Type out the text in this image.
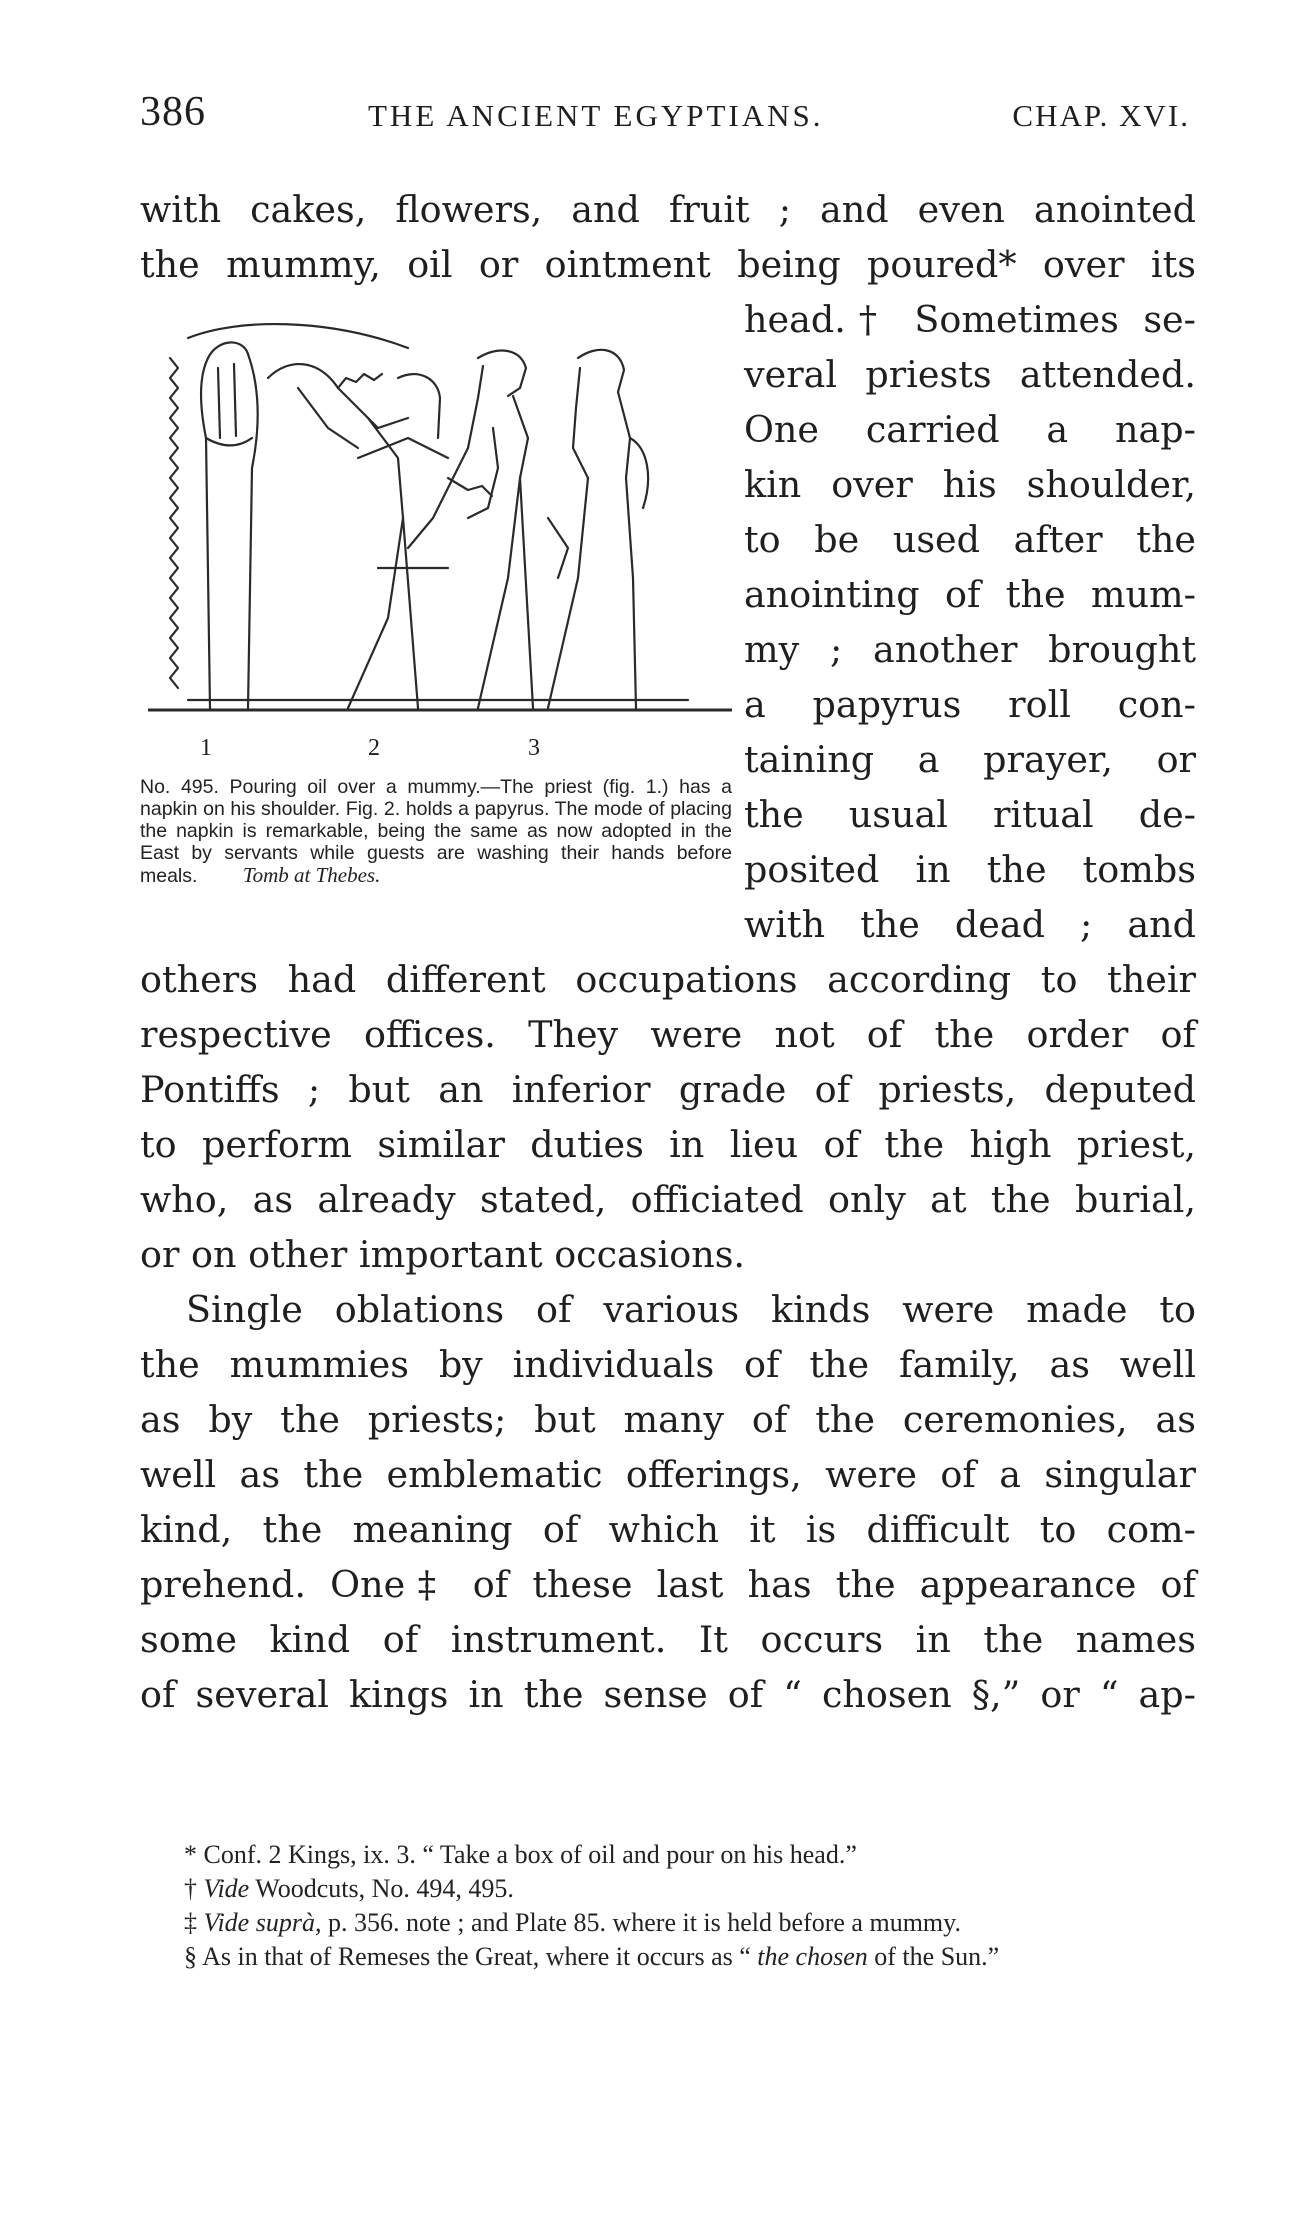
386	THE ANCIENT EGYPTIANS.	CHAP. XVI.
with cakes, flowers, and fruit ; and even anointed
the mummy, oil or ointment being poured* over its
head.† Sometimes se-
veral priests attended.
One carried a nap-
kin over his shoulder,
to be used after the
anointing of the mum-
my ; another brought
a papyrus roll con-
taining a prayer, or
the usual ritual de-
posited in the tombs
with the dead ; and
others had different occupations according to their
respective offices. They were not of the order of
Pontiffs ; but an inferior grade of priests, deputed
to perform similar duties in lieu of the high priest,
who, as already stated, officiated only at the burial,
or on other important occasions.
Single oblations of various kinds were made to
the mummies by individuals of the family, as well
as by the priests; but many of the ceremonies, as
well as the emblematic offerings, were of a singular
kind, the meaning of which it is difficult to com-
prehend. One‡ of these last has the appearance of
some kind of instrument. It occurs in the names
of several kings in the sense of “ chosen §,” or “ ap-
1	2	3
No. 495. Pouring oil over a mummy.—The priest (fig. 1.) has a napkin on his shoulder. Fig. 2. holds a papyrus. The mode of placing the napkin is remarkable, being the same as now adopted in the East by servants while guests are washing their hands before meals. Tomb at Thebes.

* Conf. 2 Kings, ix. 3. “ Take a box of oil and pour on his head.”

† Vide Woodcuts, No. 494, 495.

‡ Vide suprà, p. 356. note ; and Plate 85. where it is held before a mummy.

§ As in that of Remeses the Great, where it occurs as “ the chosen of the Sun.”
